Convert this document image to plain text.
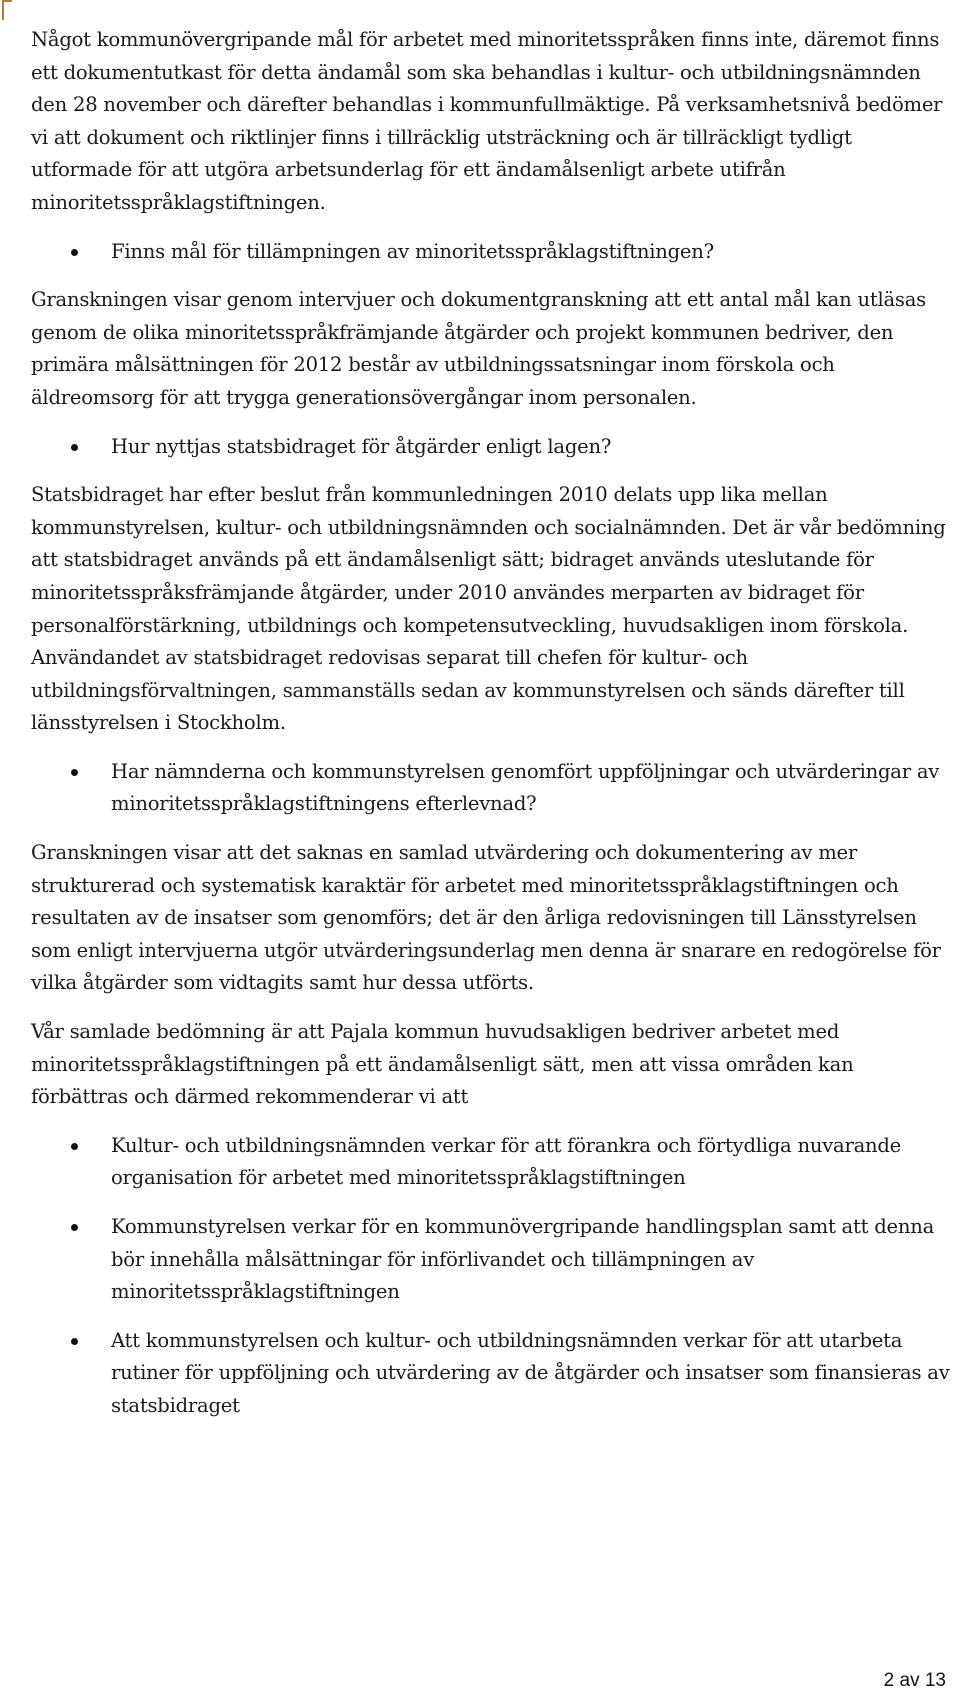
Något kommunövergripande mål för arbetet med minoritetsspråken finns inte, däremot finns ett dokumentutkast för detta ändamål som ska behandlas i kultur- och utbildningsnämnden den 28 november och därefter behandlas i kommunfullmäktige. På verksamhetsnivå bedömer vi att dokument och riktlinjer finns i tillräcklig utsträckning och är tillräckligt tydligt utformade för att utgöra arbetsunderlag för ett ändamålsenligt arbete utifrån minoritetsspråklagstiftningen.

Finns mål för tillämpningen av minoritetsspråklagstiftningen?

Granskningen visar genom intervjuer och dokumentgranskning att ett antal mål kan utläsas genom de olika minoritetsspråkfrämjande åtgärder och projekt kommunen bedriver, den primära målsättningen för 2012 består av utbildningssatsningar inom förskola och äldreomsorg för att trygga generationsövergångar inom personalen.

Hur nyttjas statsbidraget för åtgärder enligt lagen?

Statsbidraget har efter beslut från kommunledningen 2010 delats upp lika mellan kommunstyrelsen, kultur- och utbildningsnämnden och socialnämnden. Det är vår bedömning att statsbidraget används på ett ändamålsenligt sätt; bidraget används uteslutande för minoritetsspråksfrämjande åtgärder, under 2010 användes merparten av bidraget för personalförstärkning, utbildnings och kompetensutveckling, huvudsakligen inom förskola. Användandet av statsbidraget redovisas separat till chefen för kultur- och utbildningsförvaltningen, sammanställs sedan av kommunstyrelsen och sänds därefter till länsstyrelsen i Stockholm.

Har nämnderna och kommunstyrelsen genomfört uppföljningar och utvärderingar av minoritetsspråklagstiftningens efterlevnad?

Granskningen visar att det saknas en samlad utvärdering och dokumentering av mer strukturerad och systematisk karaktär för arbetet med minoritetsspråklagstiftningen och resultaten av de insatser som genomförs; det är den årliga redovisningen till Länsstyrelsen som enligt intervjuerna utgör utvärderingsunderlag men denna är snarare en redogörelse för vilka åtgärder som vidtagits samt hur dessa utförts.

Vår samlade bedömning är att Pajala kommun huvudsakligen bedriver arbetet med minoritetsspråklagstiftningen på ett ändamålsenligt sätt, men att vissa områden kan förbättras och därmed rekommenderar vi att

Kultur- och utbildningsnämnden verkar för att förankra och förtydliga nuvarande organisation för arbetet med minoritetsspråklagstiftningen
Kommunstyrelsen verkar för en kommunövergripande handlingsplan samt att denna bör innehålla målsättningar för införlivandet och tillämpningen av minoritetsspråklagstiftningen
Att kommunstyrelsen och kultur- och utbildningsnämnden verkar för att utarbeta rutiner för uppföljning och utvärdering av de åtgärder och insatser som finansieras av statsbidraget
2 av 13
